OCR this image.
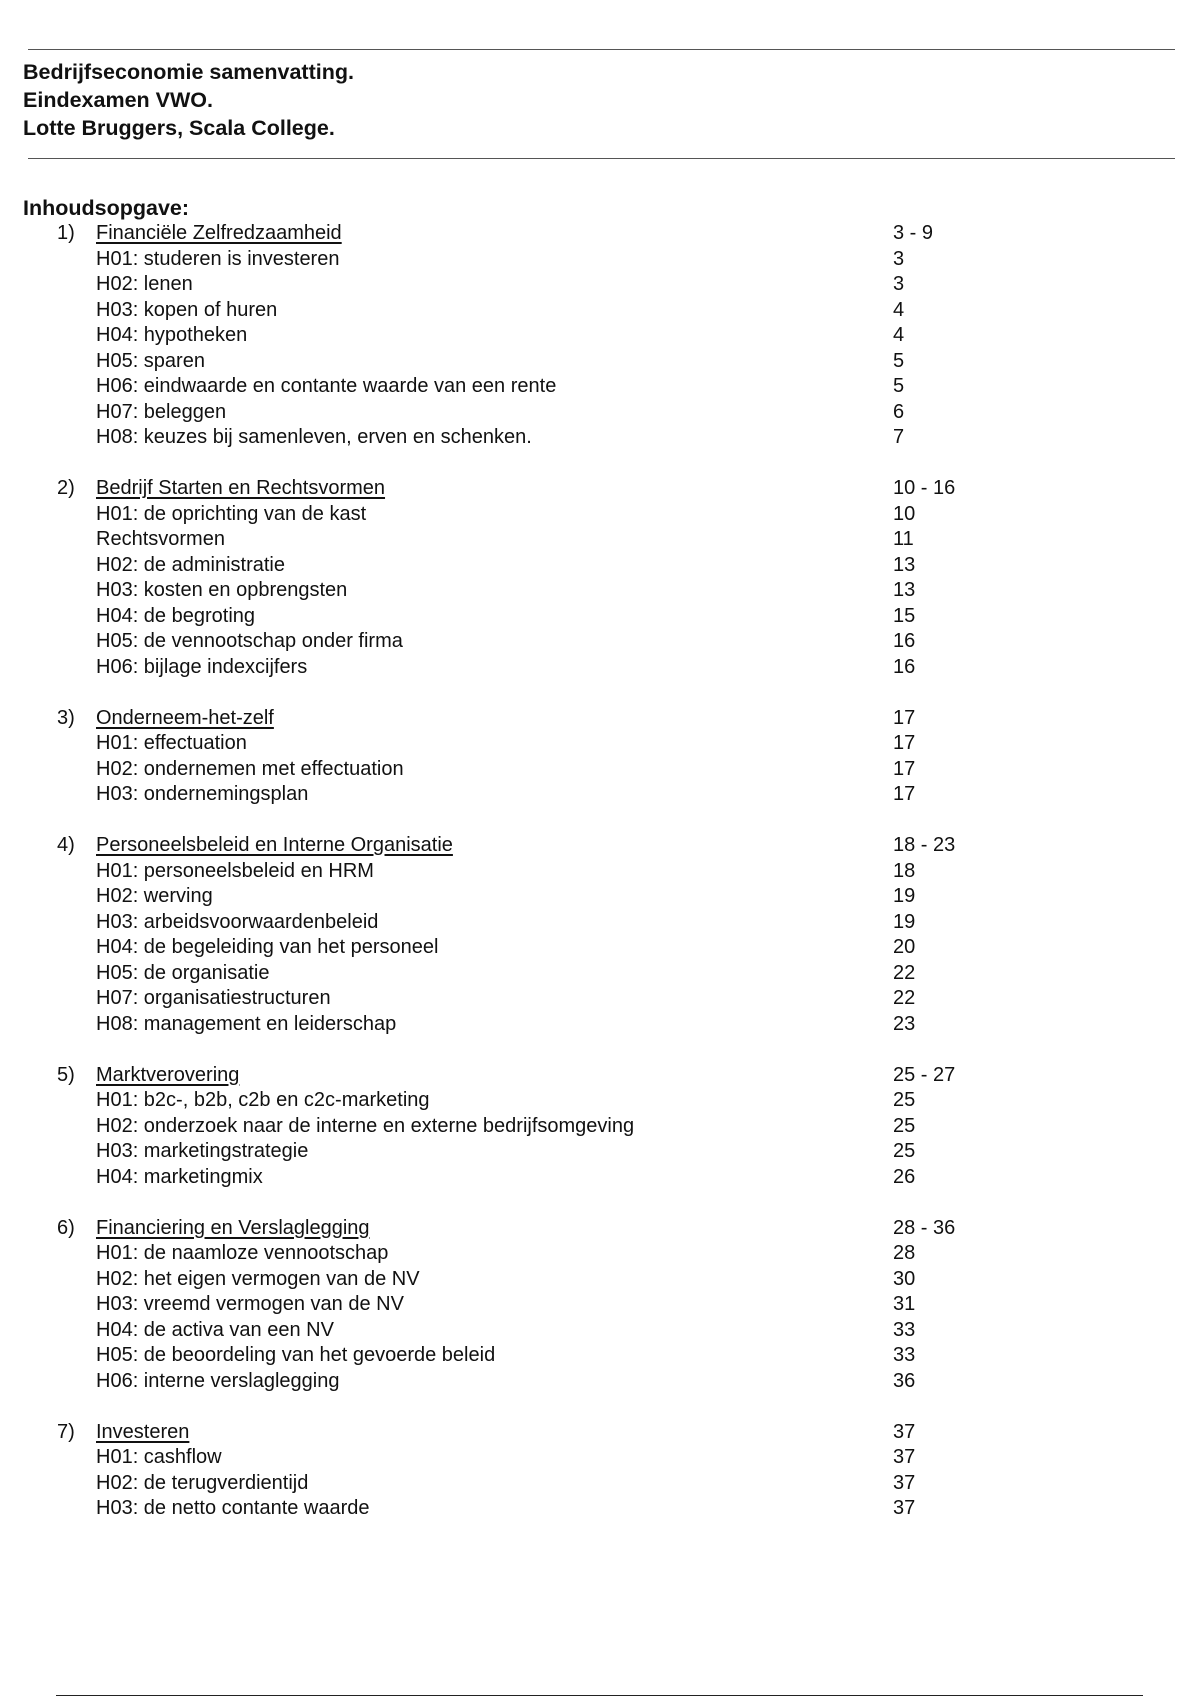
Bedrijfseconomie samenvatting.
Eindexamen VWO.
Lotte Bruggers, Scala College.
Inhoudsopgave:
1) Financiële Zelfredzaamheid	3 - 9
H01: studeren is investeren	3
H02: lenen	3
H03: kopen of huren	4
H04: hypotheken	4
H05: sparen	5
H06: eindwaarde en contante waarde van een rente	5
H07: beleggen	6
H08: keuzes bij samenleven, erven en schenken.	7
2) Bedrijf Starten en Rechtsvormen	10 - 16
H01: de oprichting van de kast	10
Rechtsvormen	11
H02: de administratie	13
H03: kosten en opbrengsten	13
H04: de begroting	15
H05: de vennootschap onder firma	16
H06: bijlage indexcijfers	16
3) Onderneem-het-zelf	17
H01: effectuation	17
H02: ondernemen met effectuation	17
H03: ondernemingsplan	17
4) Personeelsbeleid en Interne Organisatie	18 - 23
H01: personeelsbeleid en HRM	18
H02: werving	19
H03: arbeidsvoorwaardenbeleid	19
H04: de begeleiding van het personeel	20
H05: de organisatie	22
H07: organisatiestructuren	22
H08: management en leiderschap	23
5) Marktverovering	25 - 27
H01: b2c-, b2b, c2b en c2c-marketing	25
H02: onderzoek naar de interne en externe bedrijfsomgeving	25
H03: marketingstrategie	25
H04: marketingmix	26
6) Financiering en Verslaglegging	28 - 36
H01: de naamloze vennootschap	28
H02: het eigen vermogen van de NV	30
H03: vreemd vermogen van de NV	31
H04: de activa van een NV	33
H05: de beoordeling van het gevoerde beleid	33
H06: interne verslaglegging	36
7) Investeren	37
H01: cashflow	37
H02: de terugverdientijd	37
H03: de netto contante waarde	37
